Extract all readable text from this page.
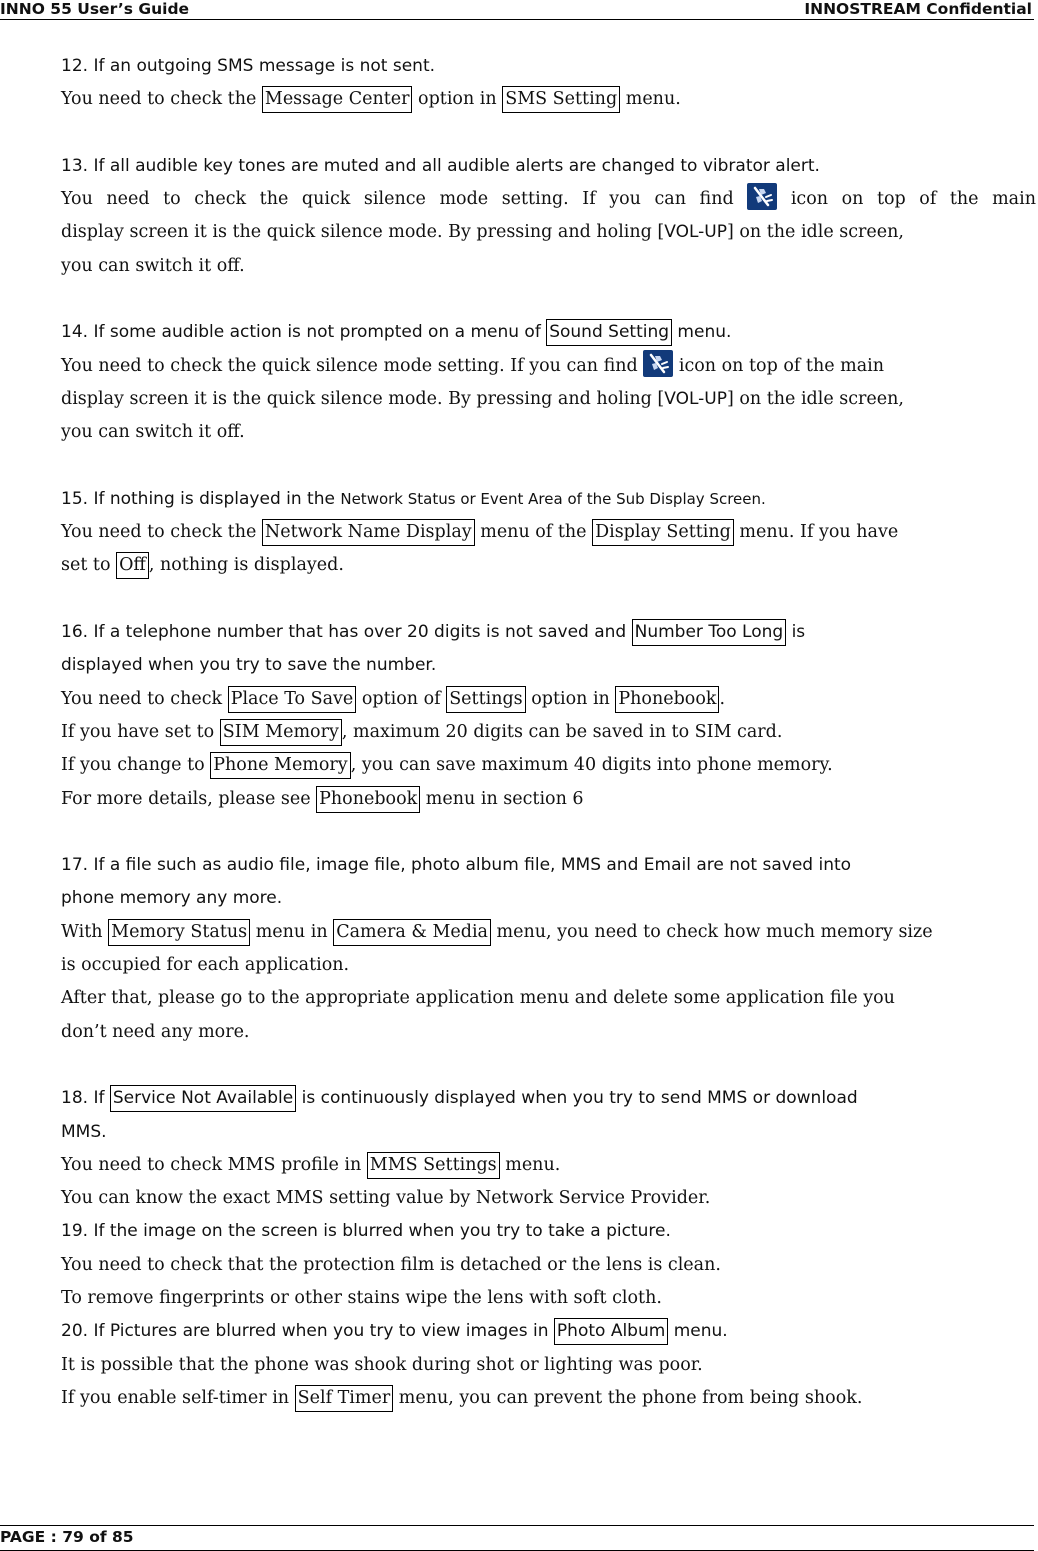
INNO 55 User’s Guide	INNOSTREAM Confidential
12. If an outgoing SMS message is not sent.
You need to check the Message Center option in SMS Setting menu.
13. If all audible key tones are muted and all audible alerts are changed to vibrator alert.
You need to check the quick silence mode setting. If you can find
icon on top of the main
display screen it is the quick silence mode. By pressing and holing [VOL-UP] on the idle screen,
you can switch it off.
14. If some audible action is not prompted on a menu of Sound Setting menu.
You need to check the quick silence mode setting. If you can find
icon on top of the main
display screen it is the quick silence mode. By pressing and holing [VOL-UP] on the idle screen,
you can switch it off.
15. If nothing is displayed in the Network Status or Event Area of the Sub Display Screen.
You need to check the Network Name Display menu of the Display Setting menu. If you have
set to Off , nothing is displayed.
16. If a telephone number that has over 20 digits is not saved and Number Too Long is
displayed when you try to save the number.
You need to check Place To Save option of Settings option in Phonebook .
If you have set to SIM Memory , maximum 20 digits can be saved in to SIM card.
If you change to Phone Memory , you can save maximum 40 digits into phone memory.
For more details, please see Phonebook menu in section 6
17. If a file such as audio file, image file, photo album file, MMS and Email are not saved into
phone memory any more.
With Memory Status menu in Camera & Media menu, you need to check how much memory size
is occupied for each application.
After that, please go to the appropriate application menu and delete some application file you
don’t need any more.
18. If Service Not Available is continuously displayed when you try to send MMS or download
MMS.
You need to check MMS profile in MMS Settings menu.
You can know the exact MMS setting value by Network Service Provider.
19. If the image on the screen is blurred when you try to take a picture.
You need to check that the protection film is detached or the lens is clean.
To remove fingerprints or other stains wipe the lens with soft cloth.
20. If Pictures are blurred when you try to view images in Photo Album menu.
It is possible that the phone was shook during shot or lighting was poor.
If you enable self-timer in Self Timer menu, you can prevent the phone from being shook.
PAGE : 79 of 85
